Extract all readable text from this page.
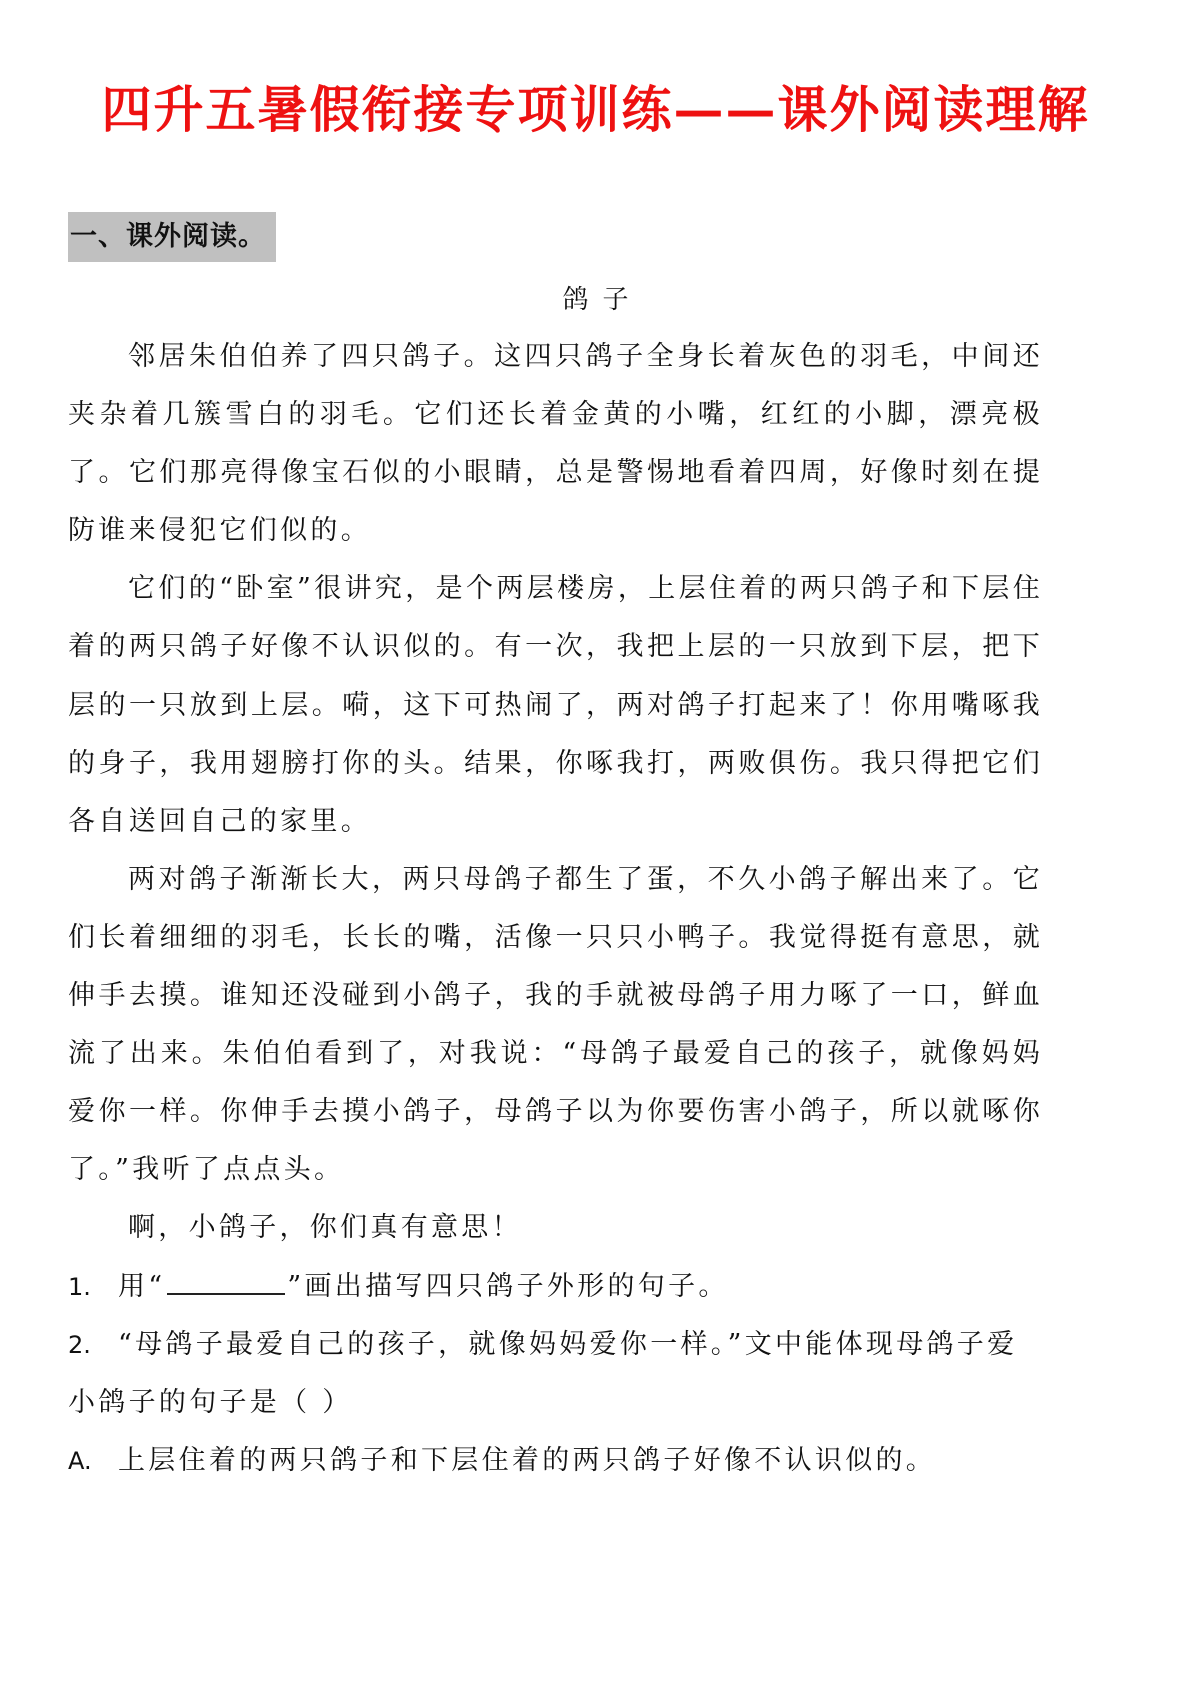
四升五暑假衔接专项训练——课外阅读理解
一、课外阅读。
鸽子

邻居朱伯伯养了四只鸽子。这四只鸽子全身长着灰色的羽毛，中间还夹杂着几簇雪白的羽毛。它们还长着金黄的小嘴，红红的小脚，漂亮极了。它们那亮得像宝石似的小眼睛，总是警惕地看着四周，好像时刻在提防谁来侵犯它们似的。

它们的“卧室”很讲究，是个两层楼房，上层住着的两只鸽子和下层住着的两只鸽子好像不认识似的。有一次，我把上层的一只放到下层，把下层的一只放到上层。嗬，这下可热闹了，两对鸽子打起来了！你用嘴啄我的身子，我用翅膀打你的头。结果，你啄我打，两败俱伤。我只得把它们各自送回自己的家里。

两对鸽子渐渐长大，两只母鸽子都生了蛋，不久小鸽子解出来了。它们长着细细的羽毛，长长的嘴，活像一只只小鸭子。我觉得挺有意思，就伸手去摸。谁知还没碰到小鸽子，我的手就被母鸽子用力啄了一口，鲜血流了出来。朱伯伯看到了，对我说：“母鸽子最爱自己的孩子，就像妈妈爱你一样。你伸手去摸小鸽子，母鸽子以为你要伤害小鸽子，所以就啄你了。”我听了点点头。

啊，小鸽子，你们真有意思！

1. 用“	”画出描写四只鸽子外形的句子。

2. “母鸽子最爱自己的孩子，就像妈妈爱你一样。”文中能体现母鸽子爱小鸽子的句子是（ ）

A. 上层住着的两只鸽子和下层住着的两只鸽子好像不认识似的。
